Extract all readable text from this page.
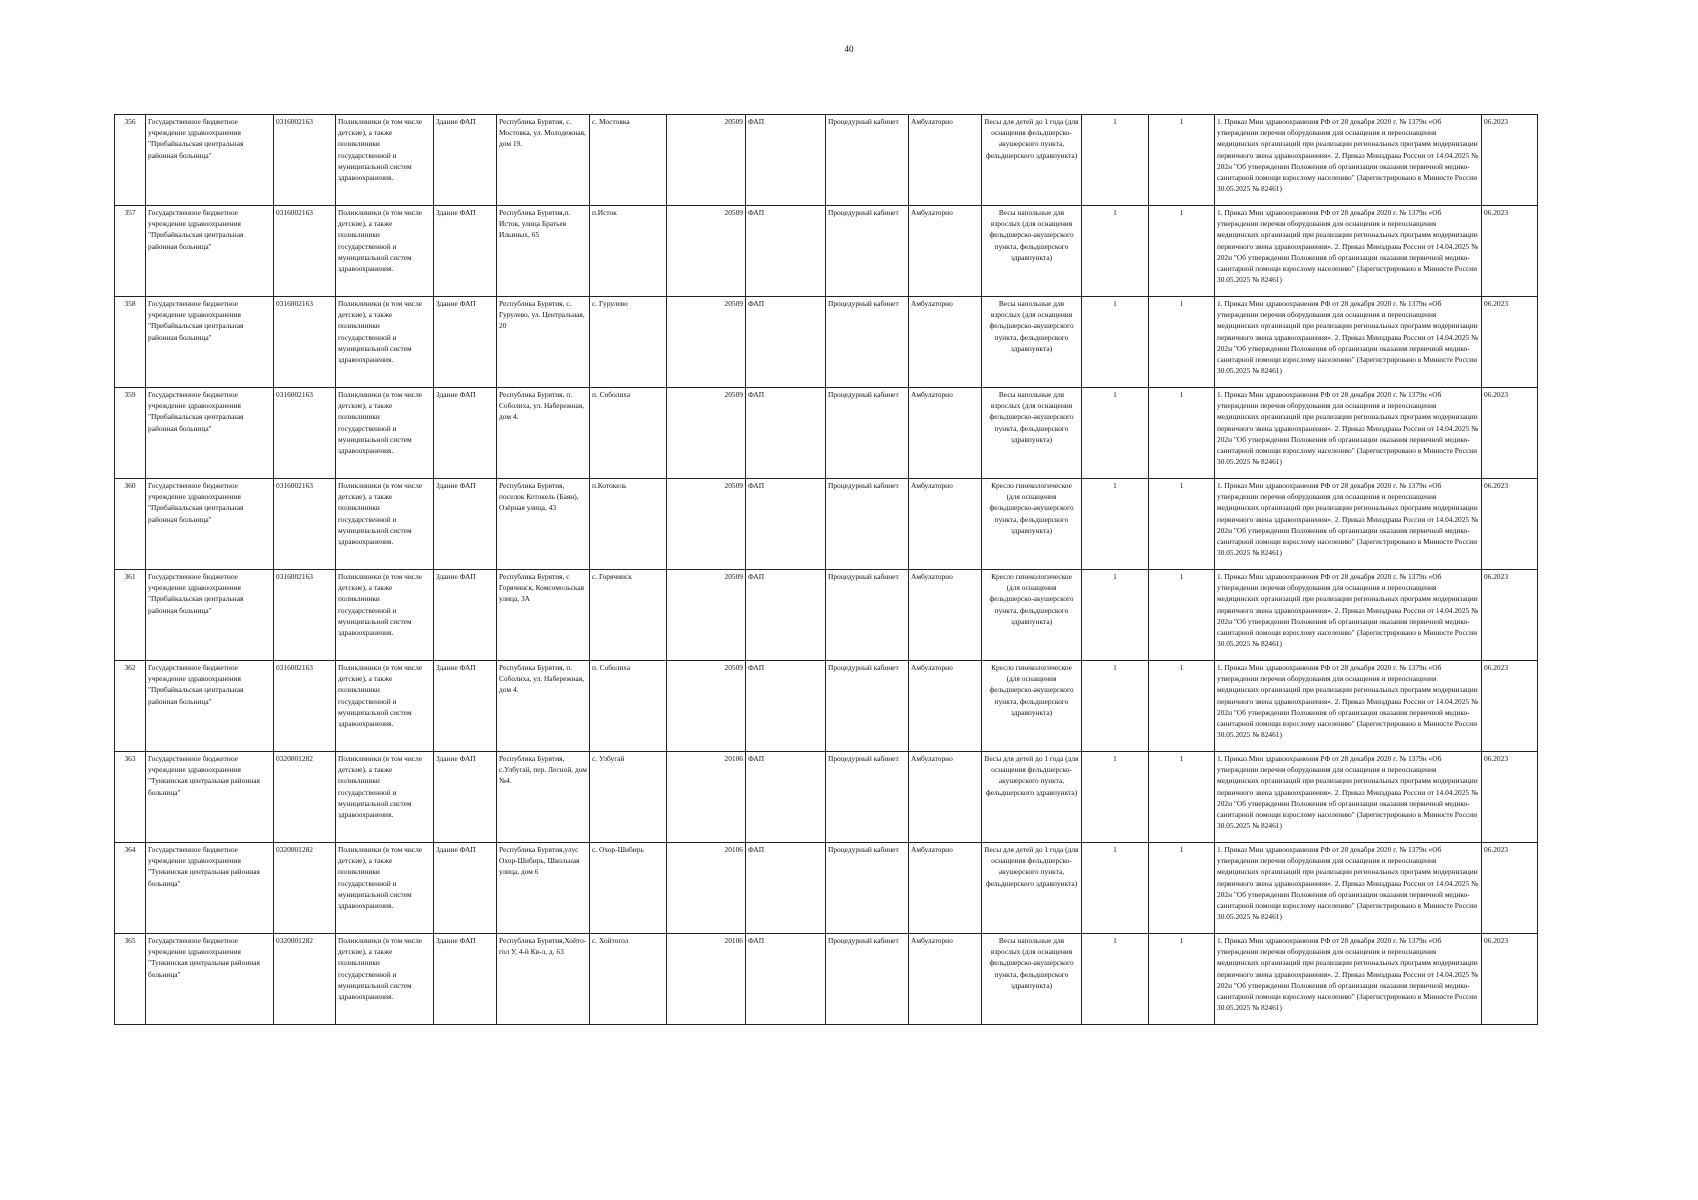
40
356	Государственное бюджетное учреждение здравоохранения "Прибайкальская центральная районная больница"	0316002163	Поликлиники (в том числе детские), а также поликлиники государственной и муниципальной систем здравоохранения.	Здание ФАП	Республика Бурятия, с. Мостовка, ул. Молодежная, дом 19.	с. Мостовка	20509	ФАП	Процедурный кабинет	Амбулаторно	Весы для детей до 1 года (для оснащения фельдшерско-акушерского пункта, фельдшерского здравпункта)	1	1	1. Приказ Мин здравоохранения РФ от 28 декабря 2020 г. № 1379н «Об утверждении перечня оборудования для оснащения и переоснащения медицинских организаций при реализации региональных программ модернизации первичного звена здравоохранения». 2. Приказ Минздрава России от 14.04.2025 № 202н "Об утверждении Положения об организации оказания первичной медико-санитарной помощи взрослому населению" (Зарегистрировано в Минюсте России 30.05.2025 № 82461)	06.2023
357	Государственное бюджетное учреждение здравоохранения "Прибайкальская центральная районная больница"	0316002163	Поликлиники (в том числе детские), а также поликлиники государственной и муниципальной систем здравоохранения.	Здание ФАП	Республика Бурятия,п. Исток, улица Братьев Ильиных, 65	п.Исток	20509	ФАП	Процедурный кабинет	Амбулаторно	Весы напольные для взрослых (для оснащения фельдшерско-акушерского пункта, фельдшерского здравпункта)	1	1	1. Приказ Мин здравоохранения РФ от 28 декабря 2020 г. № 1379н «Об утверждении перечня оборудования для оснащения и переоснащения медицинских организаций при реализации региональных программ модернизации первичного звена здравоохранения». 2. Приказ Минздрава России от 14.04.2025 № 202н "Об утверждении Положения об организации оказания первичной медико-санитарной помощи взрослому населению" (Зарегистрировано в Минюсте России 30.05.2025 № 82461)	06.2023
358	Государственное бюджетное учреждение здравоохранения "Прибайкальская центральная районная больница"	0316002163	Поликлиники (в том числе детские), а также поликлиники государственной и муниципальной систем здравоохранения.	Здание ФАП	Республика Бурятия, с. Гурулево, ул. Центральная, 20	с. Гурулево	20509	ФАП	Процедурный кабинет	Амбулаторно	Весы напольные для взрослых (для оснащения фельдшерско-акушерского пункта, фельдшерского здравпункта)	1	1	1. Приказ Мин здравоохранения РФ от 28 декабря 2020 г. № 1379н «Об утверждении перечня оборудования для оснащения и переоснащения медицинских организаций при реализации региональных программ модернизации первичного звена здравоохранения». 2. Приказ Минздрава России от 14.04.2025 № 202н "Об утверждении Положения об организации оказания первичной медико-санитарной помощи взрослому населению" (Зарегистрировано в Минюсте России 30.05.2025 № 82461)	06.2023
359	Государственное бюджетное учреждение здравоохранения "Прибайкальская центральная районная больница"	0316002163	Поликлиники (в том числе детские), а также поликлиники государственной и муниципальной систем здравоохранения.	Здание ФАП	Республика Бурятия, п. Соболиха, ул. Набережная, дом 4.	п. Соболиха	20509	ФАП	Процедурный кабинет	Амбулаторно	Весы напольные для взрослых (для оснащения фельдшерско-акушерского пункта, фельдшерского здравпункта)	1	1	1. Приказ Мин здравоохранения РФ от 28 декабря 2020 г. № 1379н «Об утверждении перечня оборудования для оснащения и переоснащения медицинских организаций при реализации региональных программ модернизации первичного звена здравоохранения». 2. Приказ Минздрава России от 14.04.2025 № 202н "Об утверждении Положения об организации оказания первичной медико-санитарной помощи взрослому населению" (Зарегистрировано в Минюсте России 30.05.2025 № 82461)	06.2023
360	Государственное бюджетное учреждение здравоохранения "Прибайкальская центральная районная больница"	0316002163	Поликлиники (в том числе детские), а также поликлиники государственной и муниципальной систем здравоохранения.	Здание ФАП	Республика Бурятия, поселок Котокель (Баян), Озёрная улица, 43	п.Котокель	20509	ФАП	Процедурный кабинет	Амбулаторно	Кресло гинекологическое (для оснащения фельдшерско-акушерского пункта, фельдшерского здравпункта)	1	1	1. Приказ Мин здравоохранения РФ от 28 декабря 2020 г. № 1379н «Об утверждении перечня оборудования для оснащения и переоснащения медицинских организаций при реализации региональных программ модернизации первичного звена здравоохранения». 2. Приказ Минздрава России от 14.04.2025 № 202н "Об утверждении Положения об организации оказания первичной медико-санитарной помощи взрослому населению" (Зарегистрировано в Минюсте России 30.05.2025 № 82461)	06.2023
361	Государственное бюджетное учреждение здравоохранения "Прибайкальская центральная районная больница"	0316002163	Поликлиники (в том числе детские), а также поликлиники государственной и муниципальной систем здравоохранения.	Здание ФАП	Республика Бурятия, с Горячинск, Комсомольская улица, 3А	с. Горячинск	20509	ФАП	Процедурный кабинет	Амбулаторно	Кресло гинекологическое (для оснащения фельдшерско-акушерского пункта, фельдшерского здравпункта)	1	1	1. Приказ Мин здравоохранения РФ от 28 декабря 2020 г. № 1379н «Об утверждении перечня оборудования для оснащения и переоснащения медицинских организаций при реализации региональных программ модернизации первичного звена здравоохранения». 2. Приказ Минздрава России от 14.04.2025 № 202н "Об утверждении Положения об организации оказания первичной медико-санитарной помощи взрослому населению" (Зарегистрировано в Минюсте России 30.05.2025 № 82461)	06.2023
362	Государственное бюджетное учреждение здравоохранения "Прибайкальская центральная районная больница"	0316002163	Поликлиники (в том числе детские), а также поликлиники государственной и муниципальной систем здравоохранения.	Здание ФАП	Республика Бурятия, п. Соболиха, ул. Набережная, дом 4.	п. Соболиха	20509	ФАП	Процедурный кабинет	Амбулаторно	Кресло гинекологическое (для оснащения фельдшерско-акушерского пункта, фельдшерского здравпункта)	1	1	1. Приказ Мин здравоохранения РФ от 28 декабря 2020 г. № 1379н «Об утверждении перечня оборудования для оснащения и переоснащения медицинских организаций при реализации региональных программ модернизации первичного звена здравоохранения». 2. Приказ Минздрава России от 14.04.2025 № 202н "Об утверждении Положения об организации оказания первичной медико-санитарной помощи взрослому населению" (Зарегистрировано в Минюсте России 30.05.2025 № 82461)	06.2023
363	Государственное бюджетное учреждение здравоохранения "Тункинская центральная районная больница"	0320001282	Поликлиники (в том числе детские), а также поликлиники государственной и муниципальной систем здравоохранения.	Здание ФАП	Республика Бурятия, с.Улбугай, пер. Лесной, дом №4.	с. Улбугай	20106	ФАП	Процедурный кабинет	Амбулаторно	Весы для детей до 1 года (для оснащения фельдшерско-акушерского пункта, фельдшерского здравпункта)	1	1	1. Приказ Мин здравоохранения РФ от 28 декабря 2020 г. № 1379н «Об утверждении перечня оборудования для оснащения и переоснащения медицинских организаций при реализации региональных программ модернизации первичного звена здравоохранения». 2. Приказ Минздрава России от 14.04.2025 № 202н "Об утверждении Положения об организации оказания первичной медико-санитарной помощи взрослому населению" (Зарегистрировано в Минюсте России 30.05.2025 № 82461)	06.2023
364	Государственное бюджетное учреждение здравоохранения "Тункинская центральная районная больница"	0320001282	Поликлиники (в том числе детские), а также поликлиники государственной и муниципальной систем здравоохранения.	Здание ФАП	Республика Бурятия,улус Охор-Шибирь, Школьная улица, дом 6	с. Охор-Шибирь	20106	ФАП	Процедурный кабинет	Амбулаторно	Весы для детей до 1 года (для оснащения фельдшерско-акушерского пункта, фельдшерского здравпункта)	1	1	1. Приказ Мин здравоохранения РФ от 28 декабря 2020 г. № 1379н «Об утверждении перечня оборудования для оснащения и переоснащения медицинских организаций при реализации региональных программ модернизации первичного звена здравоохранения». 2. Приказ Минздрава России от 14.04.2025 № 202н "Об утверждении Положения об организации оказания первичной медико-санитарной помощи взрослому населению" (Зарегистрировано в Минюсте России 30.05.2025 № 82461)	06.2023
365	Государственное бюджетное учреждение здравоохранения "Тункинская центральная районная больница"	0320001282	Поликлиники (в том числе детские), а также поликлиники государственной и муниципальной систем здравоохранения.	Здание ФАП	Республика Бурятия,Хойто-гол У, 4-й Кв-л, д. 63	с. Хойтогол	20106	ФАП	Процедурный кабинет	Амбулаторно	Весы напольные для взрослых (для оснащения фельдшерско-акушерского пункта, фельдшерского здравпункта)	1	1	1. Приказ Мин здравоохранения РФ от 28 декабря 2020 г. № 1379н «Об утверждении перечня оборудования для оснащения и переоснащения медицинских организаций при реализации региональных программ модернизации первичного звена здравоохранения». 2. Приказ Минздрава России от 14.04.2025 № 202н "Об утверждении Положения об организации оказания первичной медико-санитарной помощи взрослому населению" (Зарегистрировано в Минюсте России 30.05.2025 № 82461)	06.2023
